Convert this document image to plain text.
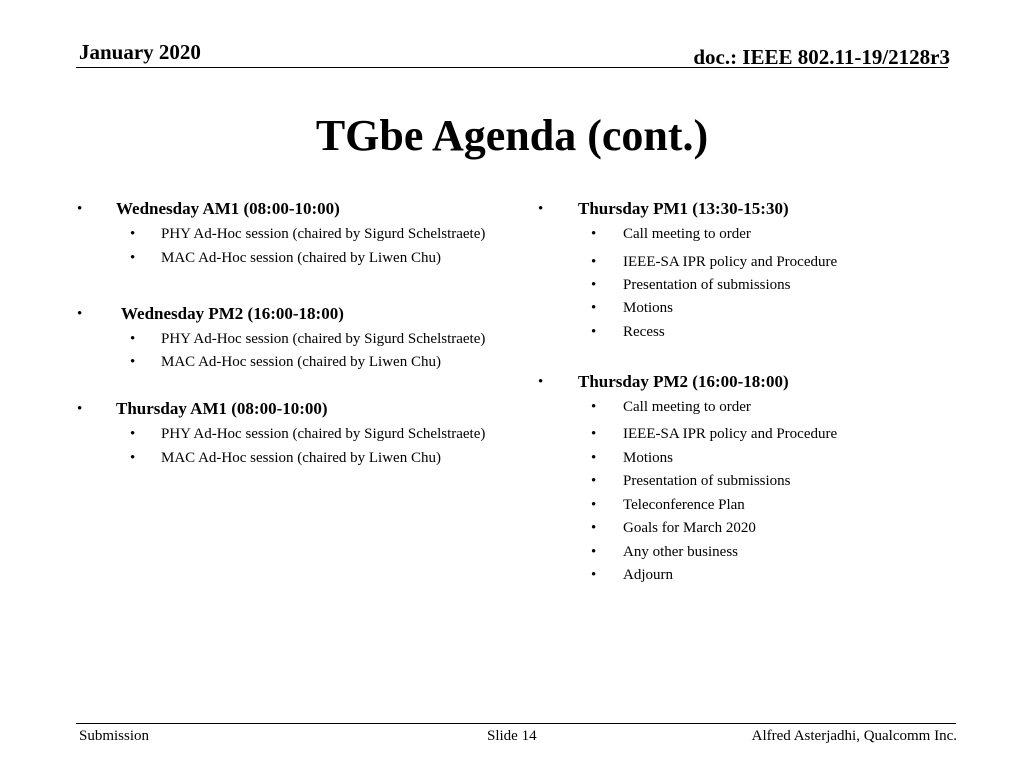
January 2020	doc.: IEEE 802.11-19/2128r3
TGbe Agenda (cont.)
• Wednesday AM1 (08:00-10:00)
• PHY Ad-Hoc session (chaired by Sigurd Schelstraete)
• MAC Ad-Hoc session (chaired by Liwen Chu)
• Wednesday PM2 (16:00-18:00)
• PHY Ad-Hoc session (chaired by Sigurd Schelstraete)
• MAC Ad-Hoc session (chaired by Liwen Chu)
• Thursday AM1 (08:00-10:00)
• PHY Ad-Hoc session (chaired by Sigurd Schelstraete)
• MAC Ad-Hoc session (chaired by Liwen Chu)
• Thursday PM1 (13:30-15:30)
• Call meeting to order
• IEEE-SA IPR policy and Procedure
• Presentation of submissions
• Motions
• Recess
• Thursday PM2 (16:00-18:00)
• Call meeting to order
• IEEE-SA IPR policy and Procedure
• Motions
• Presentation of submissions
• Teleconference Plan
• Goals for March 2020
• Any other business
• Adjourn
Submission	Slide 14	Alfred Asterjadhi, Qualcomm Inc.
